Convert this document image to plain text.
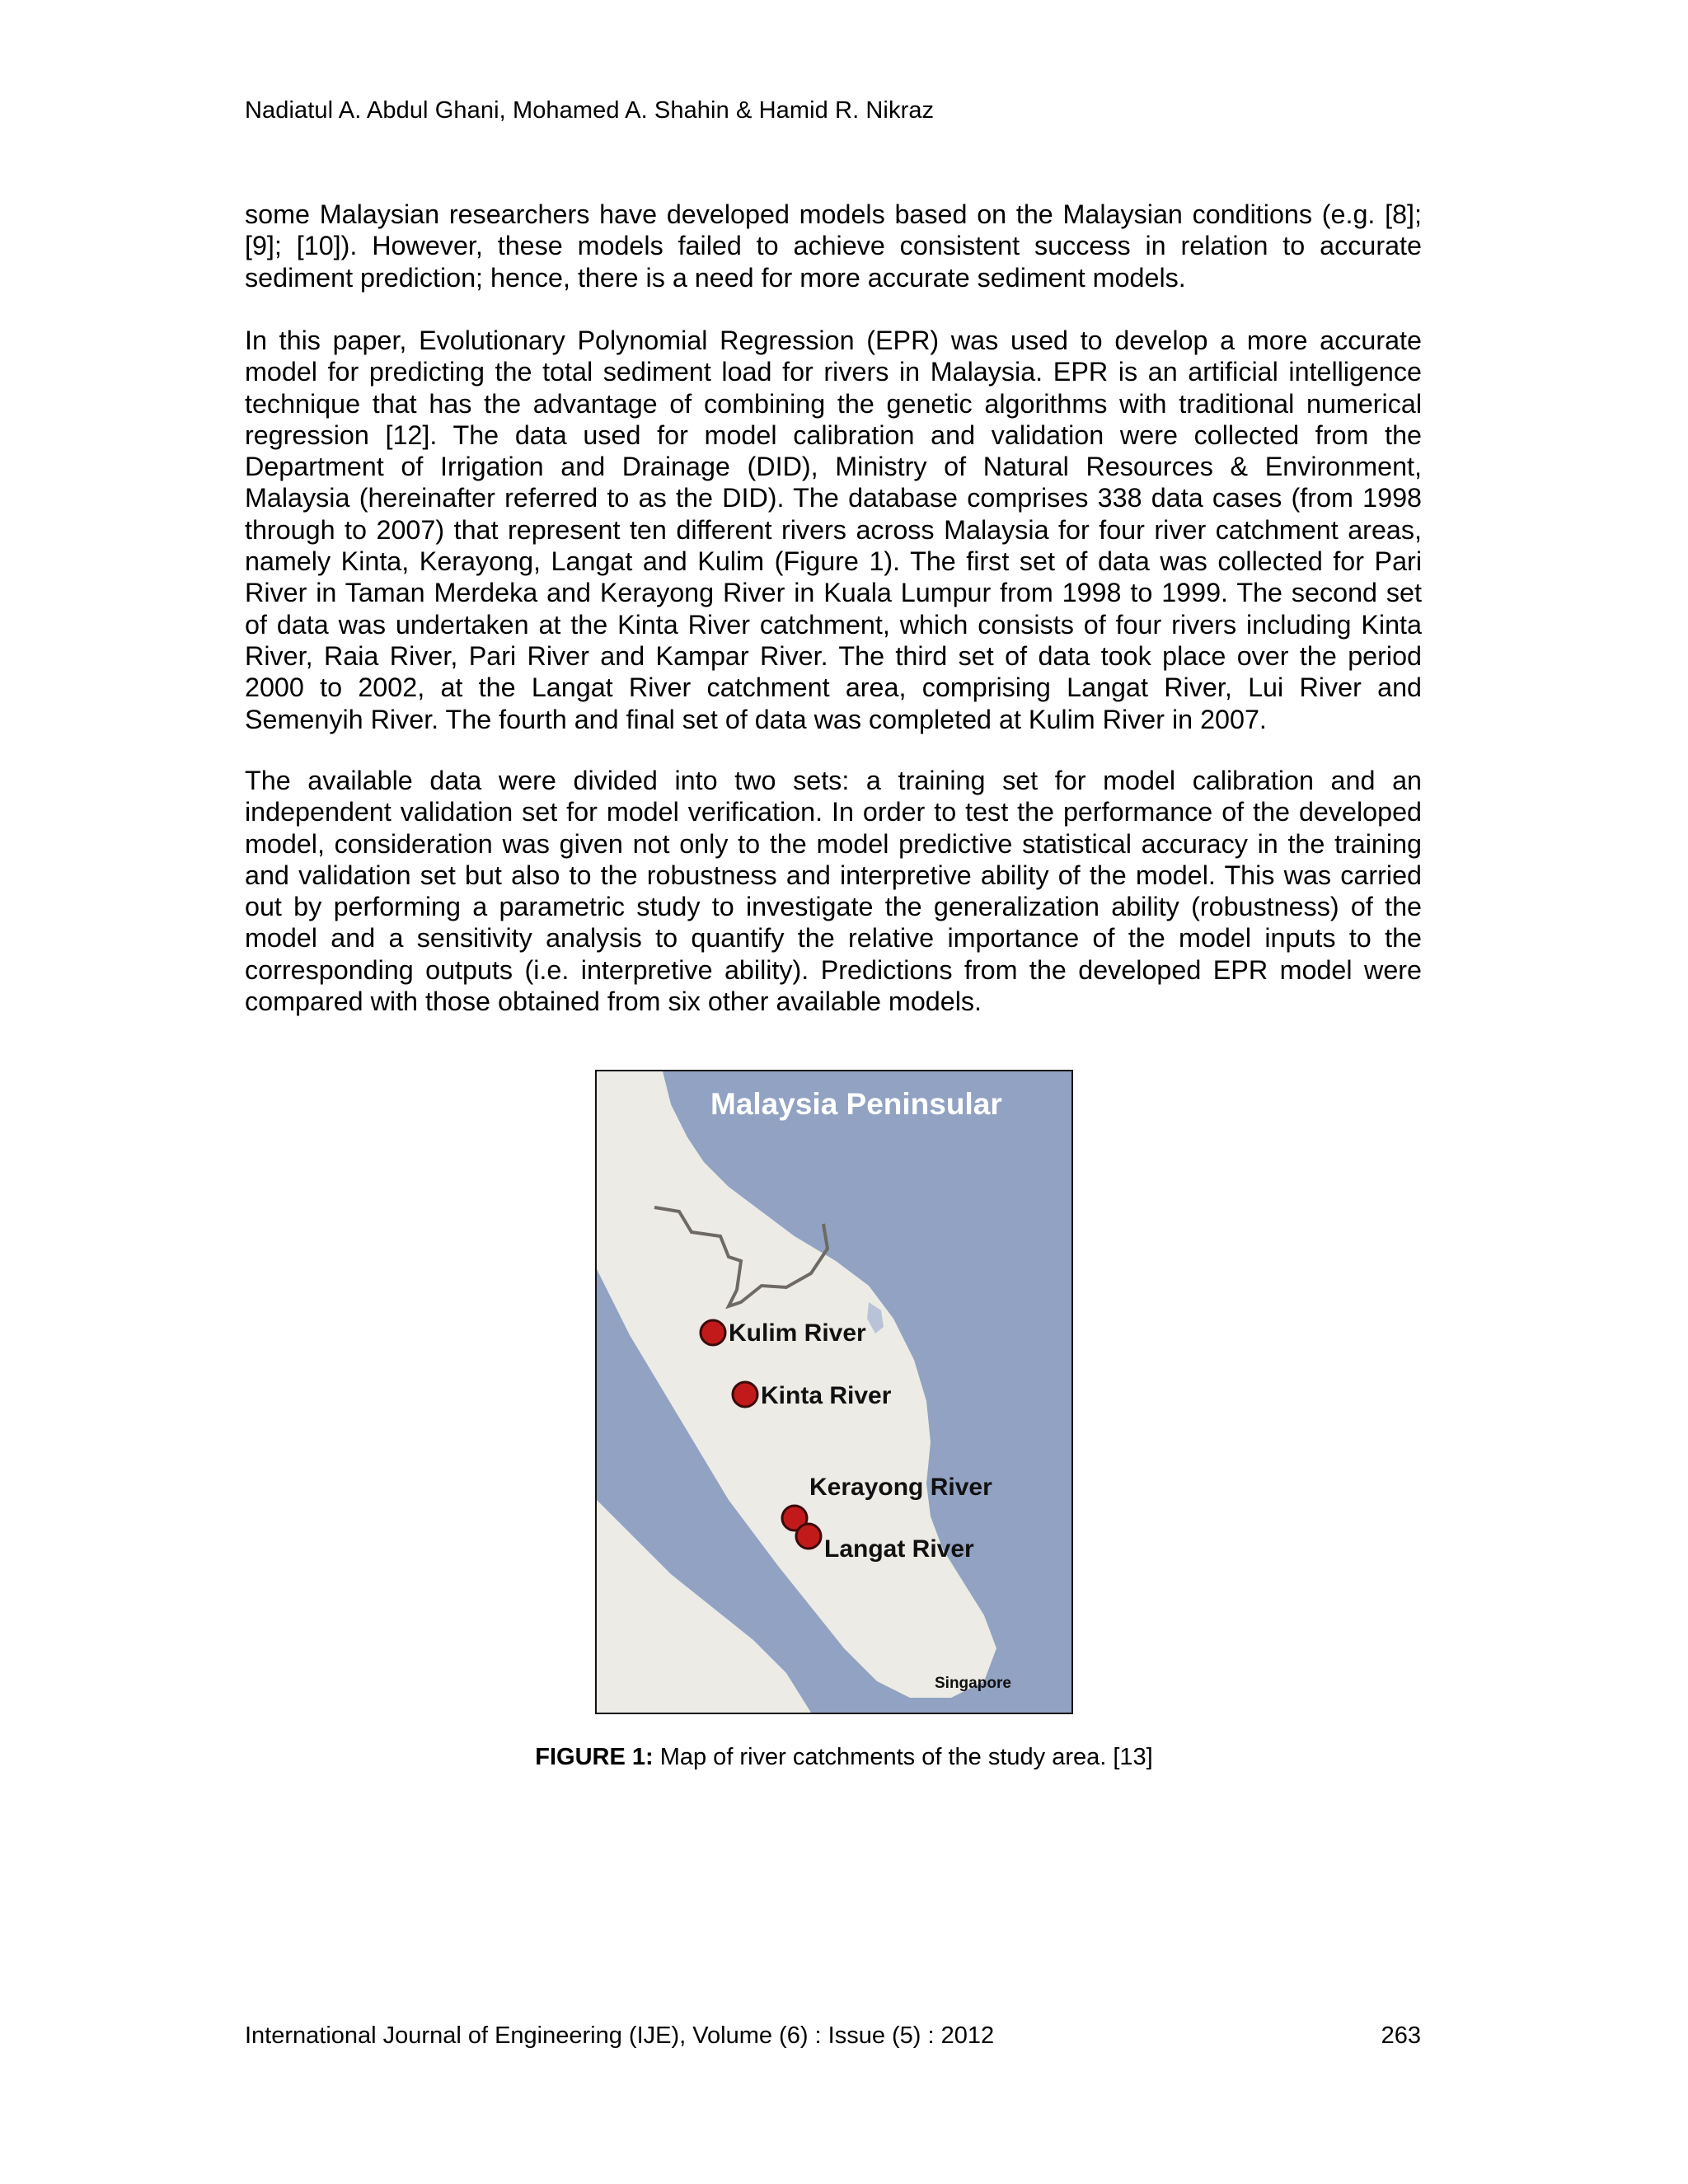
Nadiatul A. Abdul Ghani, Mohamed A. Shahin & Hamid R. Nikraz

some Malaysian researchers have developed models based on the Malaysian conditions (e.g. [8]; [9]; [10]). However, these models failed to achieve consistent success in relation to accurate sediment prediction; hence, there is a need for more accurate sediment models.

In this paper, Evolutionary Polynomial Regression (EPR) was used to develop a more accurate model for predicting the total sediment load for rivers in Malaysia. EPR is an artificial intelligence technique that has the advantage of combining the genetic algorithms with traditional numerical regression [12]. The data used for model calibration and validation were collected from the Department of Irrigation and Drainage (DID), Ministry of Natural Resources & Environment, Malaysia (hereinafter referred to as the DID). The database comprises 338 data cases (from 1998 through to 2007) that represent ten different rivers across Malaysia for four river catchment areas, namely Kinta, Kerayong, Langat and Kulim (Figure 1). The first set of data was collected for Pari River in Taman Merdeka and Kerayong River in Kuala Lumpur from 1998 to 1999. The second set of data was undertaken at the Kinta River catchment, which consists of four rivers including Kinta River, Raia River, Pari River and Kampar River. The third set of data took place over the period 2000 to 2002, at the Langat River catchment area, comprising Langat River, Lui River and Semenyih River. The fourth and final set of data was completed at Kulim River in 2007.

The available data were divided into two sets: a training set for model calibration and an independent validation set for model verification. In order to test the performance of the developed model, consideration was given not only to the model predictive statistical accuracy in the training and validation set but also to the robustness and interpretive ability of the model. This was carried out by performing a parametric study to investigate the generalization ability (robustness) of the model and a sensitivity analysis to quantify the relative importance of the model inputs to the corresponding outputs (i.e. interpretive ability). Predictions from the developed EPR model were compared with those obtained from six other available models.

Malaysia Peninsular
Kulim River
Kinta River
Kerayong River
Langat River
Singapore
FIGURE 1: Map of river catchments of the study area. [13]
International Journal of Engineering (IJE), Volume (6) : Issue (5) : 2012	263
